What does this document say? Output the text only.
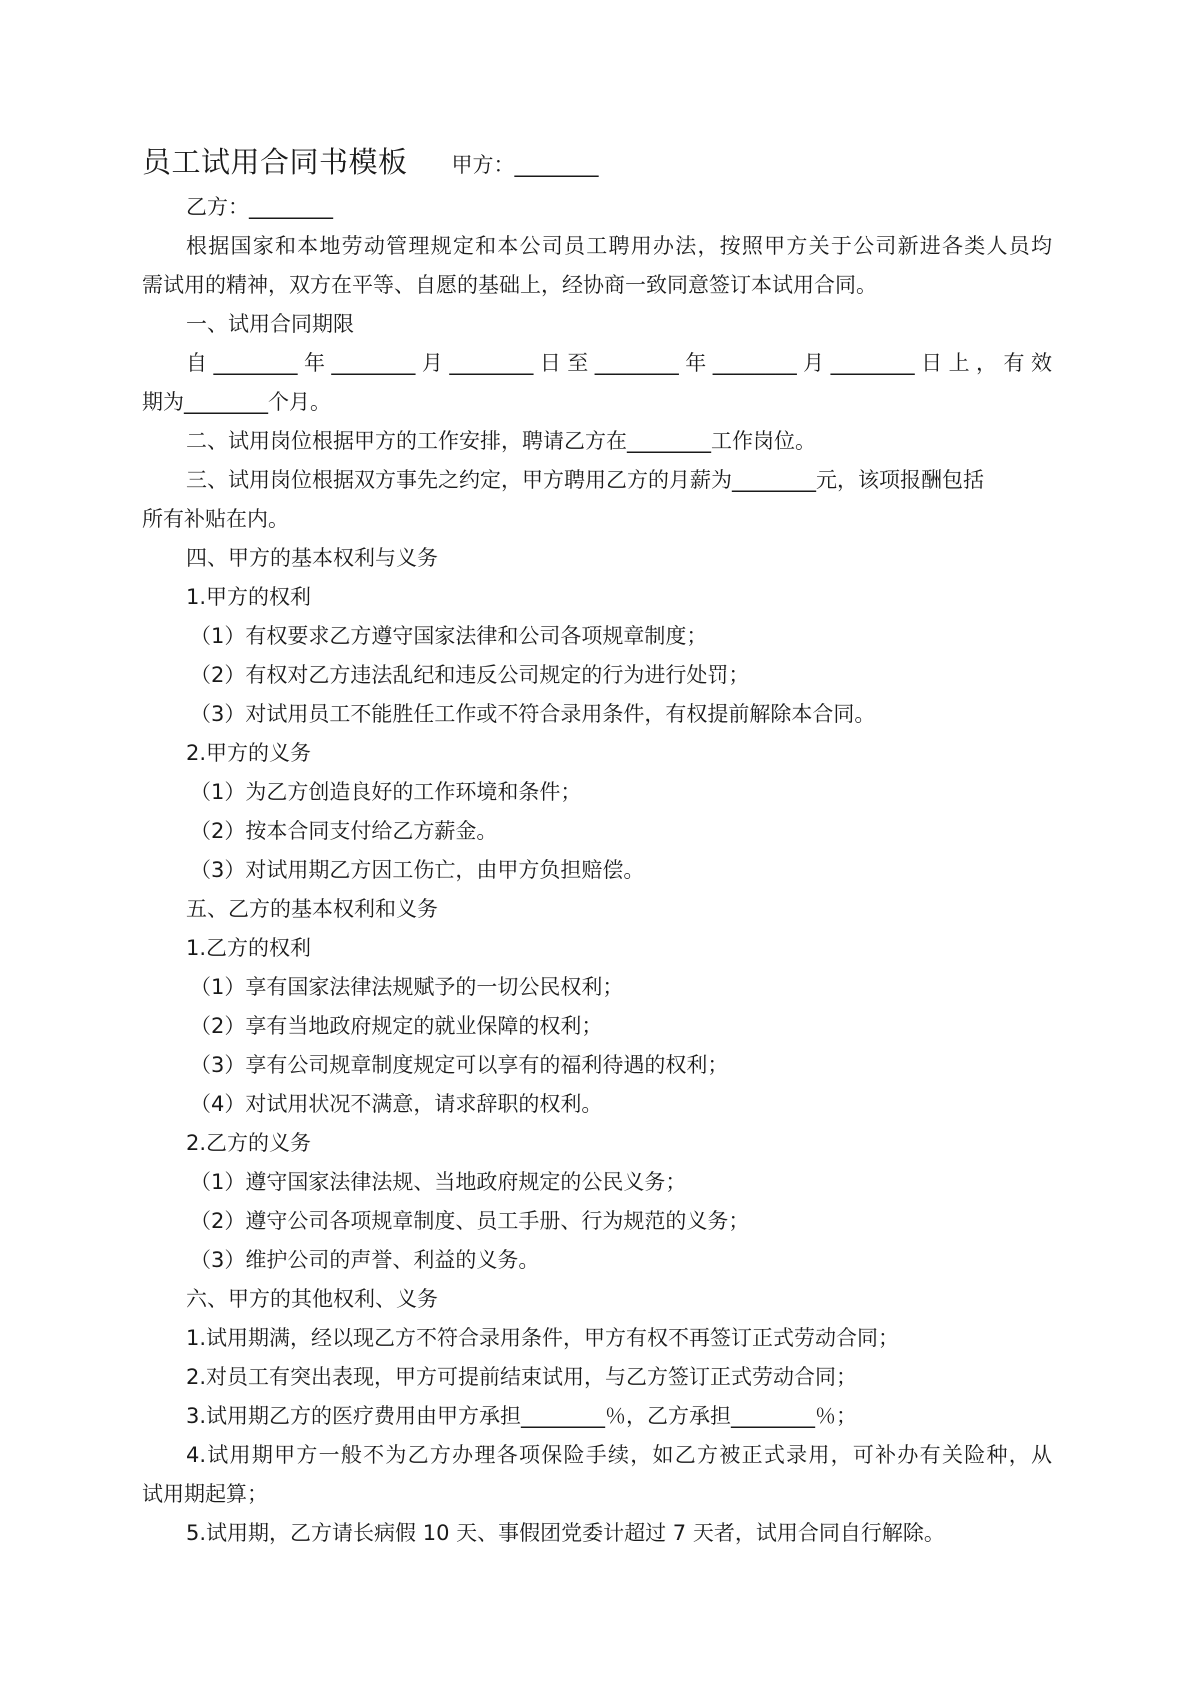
员工试用合同书模板 甲方：________

乙方：________

根据国家和本地劳动管理规定和本公司员工聘用办法，按照甲方关于公司新进各类人员均

需试用的精神，双方在平等、自愿的基础上，经协商一致同意签订本试用合同。

一、试用合同期限

自________年________月________日至________年________月________日上，有效

期为________个月。

二、试用岗位根据甲方的工作安排，聘请乙方在________工作岗位。

三、试用岗位根据双方事先之约定，甲方聘用乙方的月薪为________元，该项报酬包括

所有补贴在内。

四、甲方的基本权利与义务

1.甲方的权利

（1）有权要求乙方遵守国家法律和公司各项规章制度；

（2）有权对乙方违法乱纪和违反公司规定的行为进行处罚；

（3）对试用员工不能胜任工作或不符合录用条件，有权提前解除本合同。

2.甲方的义务

（1）为乙方创造良好的工作环境和条件；

（2）按本合同支付给乙方薪金。

（3）对试用期乙方因工伤亡，由甲方负担赔偿。

五、乙方的基本权利和义务

1.乙方的权利

（1）享有国家法律法规赋予的一切公民权利；

（2）享有当地政府规定的就业保障的权利；

（3）享有公司规章制度规定可以享有的福利待遇的权利；

（4）对试用状况不满意，请求辞职的权利。

2.乙方的义务

（1）遵守国家法律法规、当地政府规定的公民义务；

（2）遵守公司各项规章制度、员工手册、行为规范的义务；

（3）维护公司的声誉、利益的义务。

六、甲方的其他权利、义务

1.试用期满，经以现乙方不符合录用条件，甲方有权不再签订正式劳动合同；

2.对员工有突出表现，甲方可提前结束试用，与乙方签订正式劳动合同；

3.试用期乙方的医疗费用由甲方承担________％，乙方承担________％；

4.试用期甲方一般不为乙方办理各项保险手续，如乙方被正式录用，可补办有关险种，从

试用期起算；

5.试用期，乙方请长病假 10 天、事假团党委计超过 7 天者，试用合同自行解除。
